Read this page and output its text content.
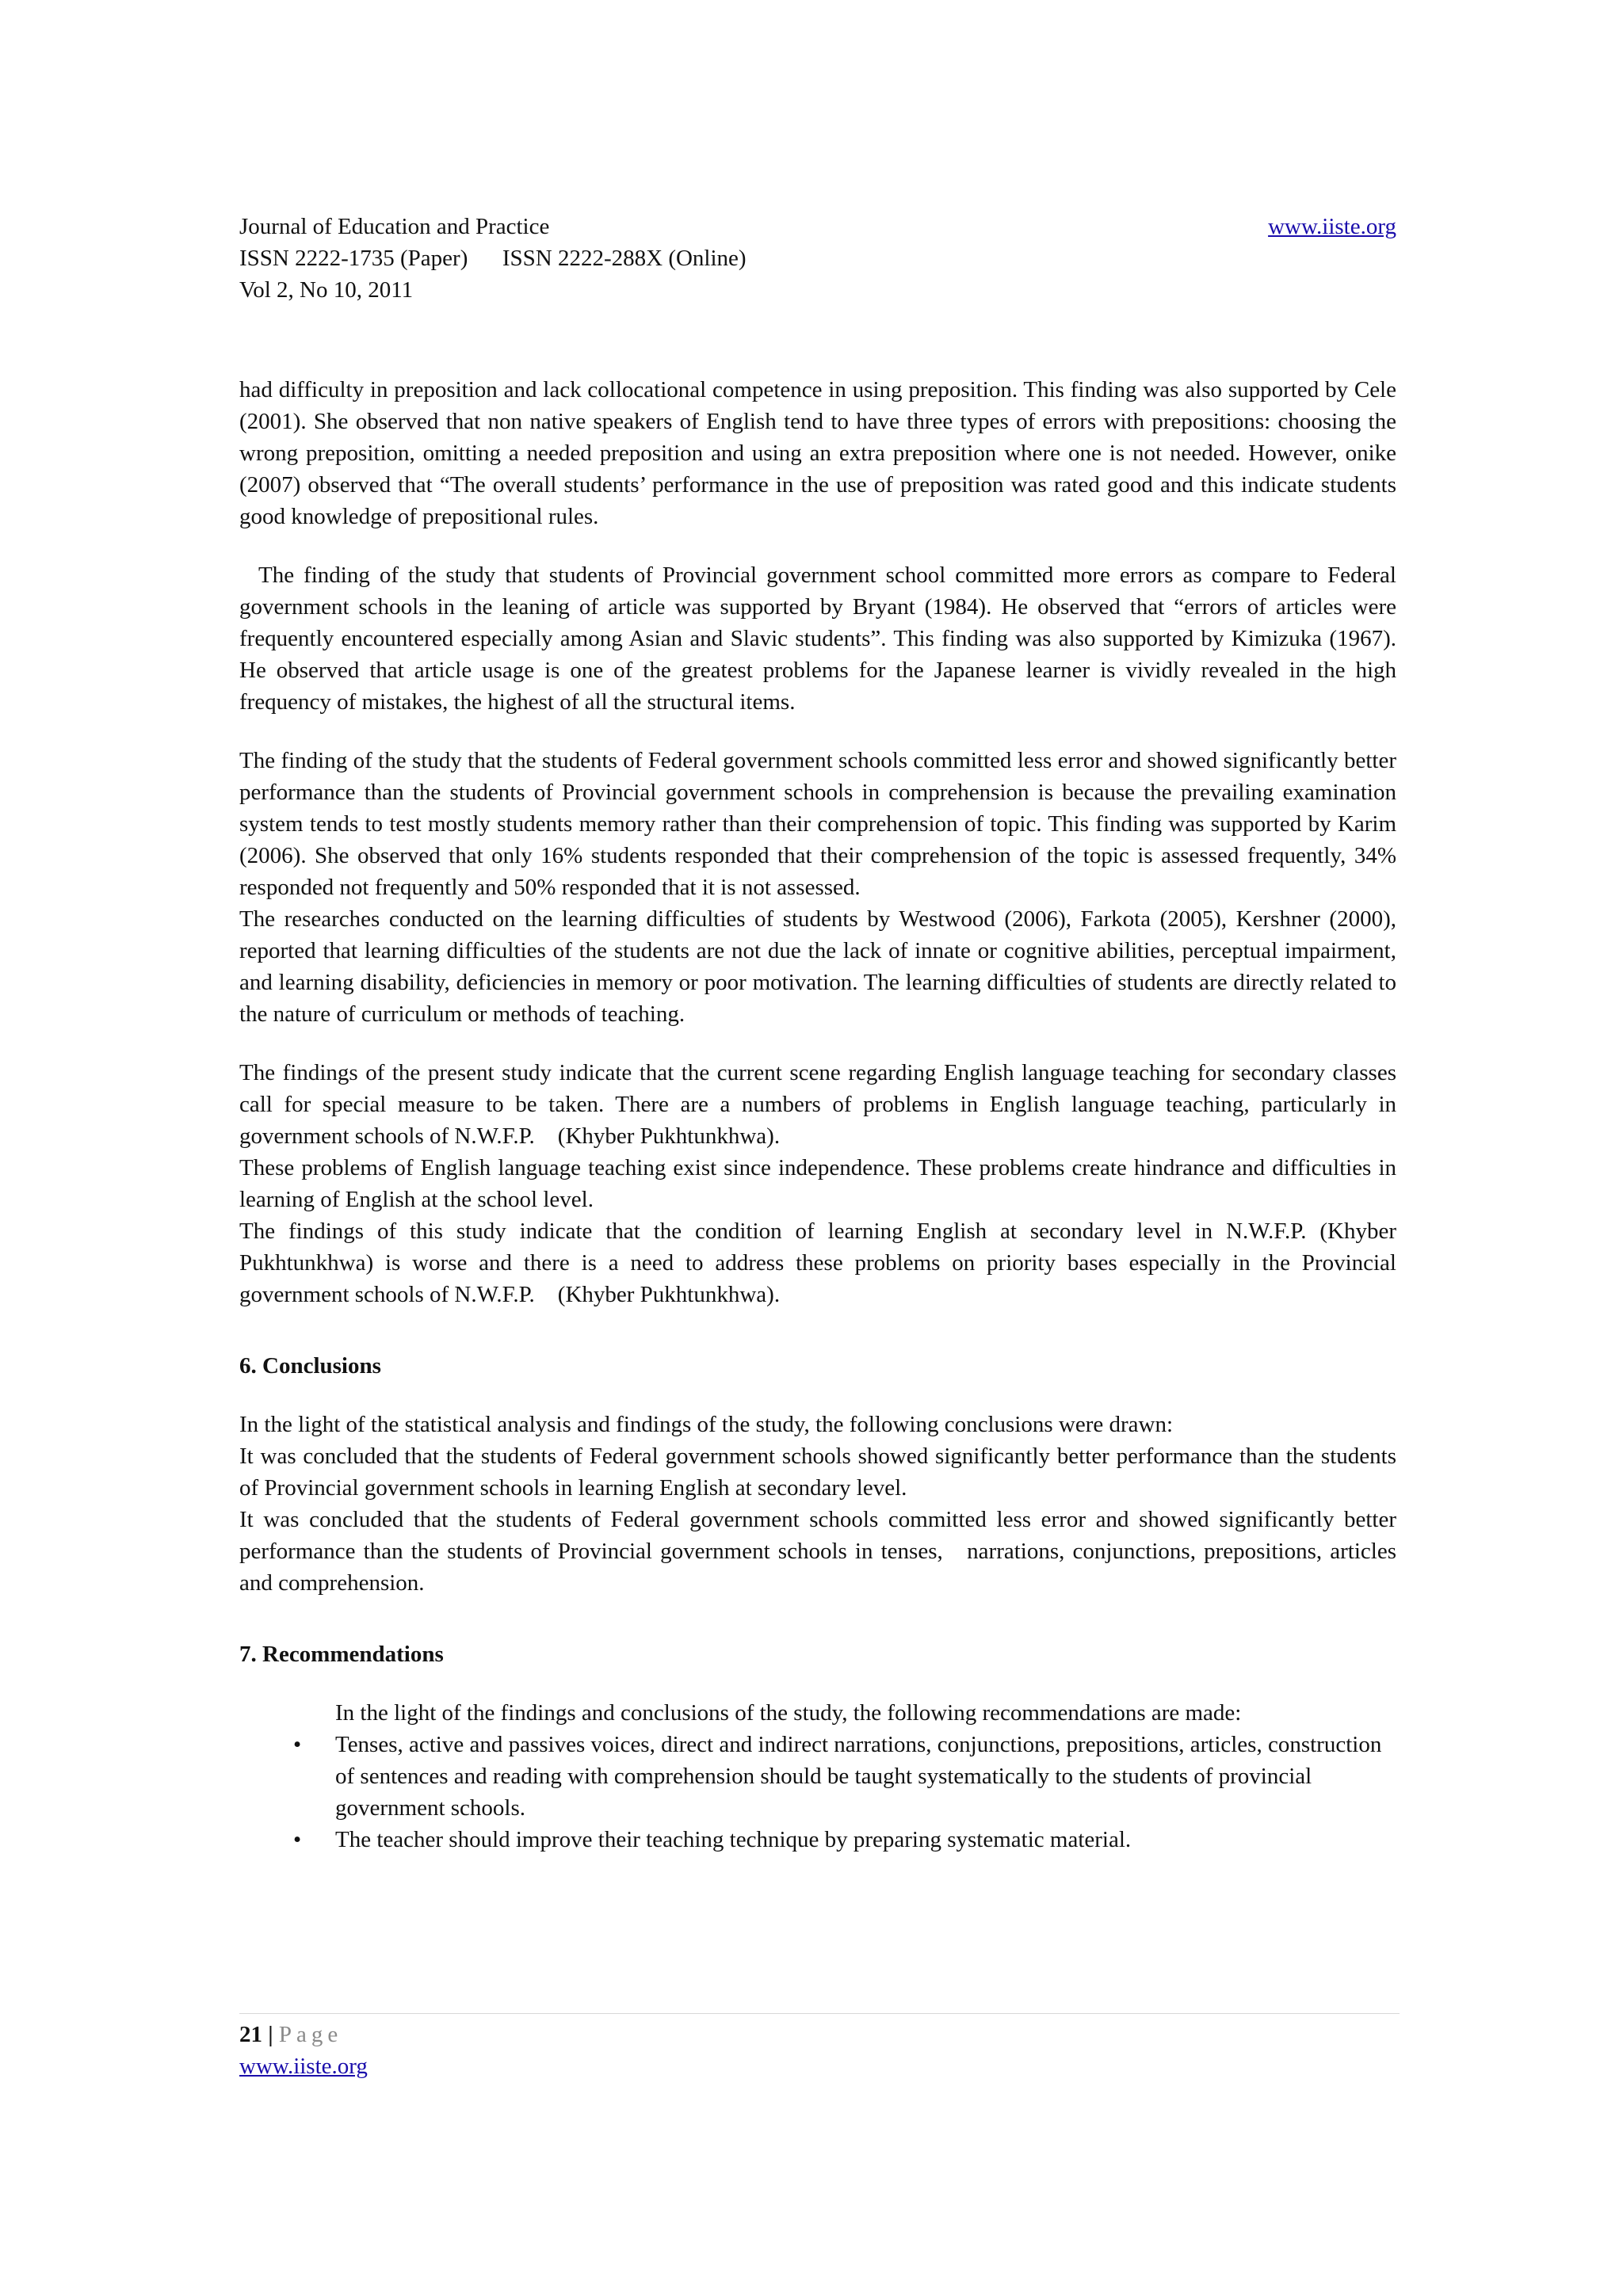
Journal of Education and Practice	www.iiste.org
ISSN 2222-1735 (Paper)      ISSN 2222-288X (Online)
Vol 2, No 10, 2011

had difficulty in preposition and lack collocational competence in using preposition. This finding was also supported by Cele (2001). She observed that non native speakers of English tend to have three types of errors with prepositions: choosing the wrong preposition, omitting a needed preposition and using an extra preposition where one is not needed. However, onike (2007) observed that “The overall students’ performance in the use of preposition was rated good and this indicate students good knowledge of prepositional rules.

The finding of the study that students of Provincial government school committed more errors as compare to Federal government schools in the leaning of article was supported by Bryant (1984). He observed that “errors of articles were frequently encountered especially among Asian and Slavic students”. This finding was also supported by Kimizuka (1967). He observed that article usage is one of the greatest problems for the Japanese learner is vividly revealed in the high frequency of mistakes, the highest of all the structural items.

The finding of the study that the students of Federal government schools committed less error and showed significantly better performance than the students of Provincial government schools in comprehension is because the prevailing examination system tends to test mostly students memory rather than their comprehension of topic. This finding was supported by Karim (2006). She observed that only 16% students responded that their comprehension of the topic is assessed frequently, 34% responded not frequently and 50% responded that it is not assessed.

The researches conducted on the learning difficulties of students by Westwood (2006), Farkota (2005), Kershner (2000), reported that learning difficulties of the students are not due the lack of innate or cognitive abilities, perceptual impairment, and learning disability, deficiencies in memory or poor motivation. The learning difficulties of students are directly related to the nature of curriculum or methods of teaching.

The findings of the present study indicate that the current scene regarding English language teaching for secondary classes call for special measure to be taken. There are a numbers of problems in English language teaching, particularly in government schools of N.W.F.P.    (Khyber Pukhtunkhwa).

These problems of English language teaching exist since independence. These problems create hindrance and difficulties in learning of English at the school level.

The findings of this study indicate that the condition of learning English at secondary level in N.W.F.P. (Khyber Pukhtunkhwa) is worse and there is a need to address these problems on priority bases especially in the Provincial government schools of N.W.F.P.    (Khyber Pukhtunkhwa).

6. Conclusions

In the light of the statistical analysis and findings of the study, the following conclusions were drawn:

It was concluded that the students of Federal government schools showed significantly better performance than the students of Provincial government schools in learning English at secondary level.

It was concluded that the students of Federal government schools committed less error and showed significantly better performance than the students of Provincial government schools in tenses,   narrations, conjunctions, prepositions, articles and comprehension.

7. Recommendations

In the light of the findings and conclusions of the study, the following recommendations are made:

• Tenses, active and passives voices, direct and indirect narrations, conjunctions, prepositions, articles, construction of sentences and reading with comprehension should be taught systematically to the students of provincial government schools.
• The teacher should improve their teaching technique by preparing systematic material.
21 | Page
www.iiste.org
